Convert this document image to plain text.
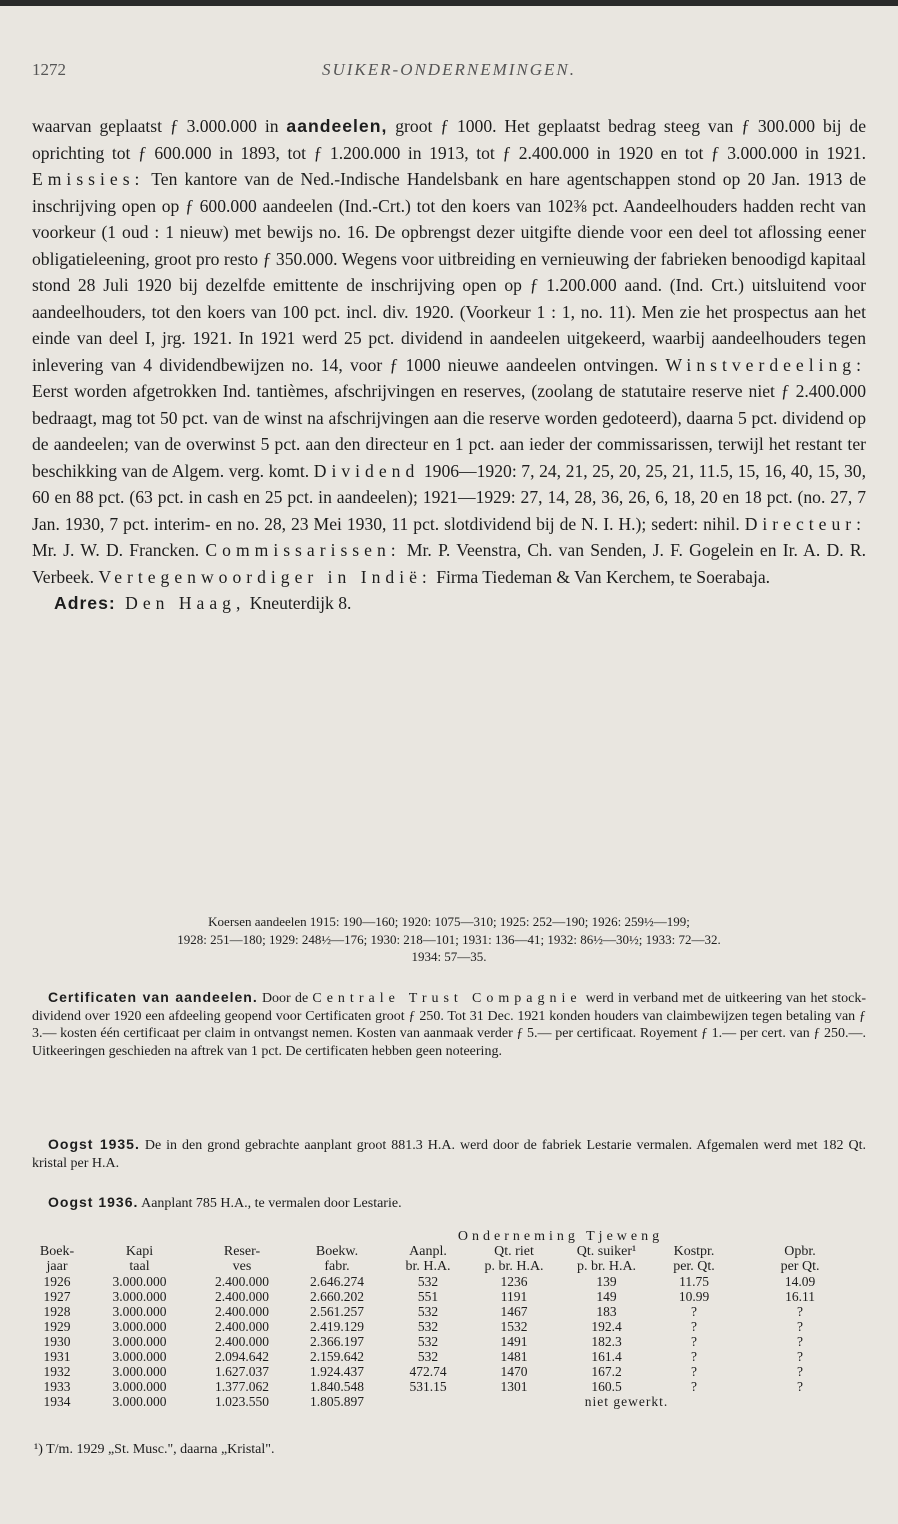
1272	SUIKER-ONDERNEMINGEN.

waarvan geplaatst ƒ 3.000.000 in aandeelen, groot ƒ 1000. Het geplaatst bedrag steeg van ƒ 300.000 bij de oprichting tot ƒ 600.000 in 1893, tot ƒ 1.200.000 in 1913, tot ƒ 2.400.000 in 1920 en tot ƒ 3.000.000 in 1921. Emissies: Ten kantore van de Ned.-Indische Handelsbank en hare agentschappen stond op 20 Jan. 1913 de inschrijving open op ƒ 600.000 aandeelen (Ind.-Crt.) tot den koers van 102⅜ pct. Aandeelhouders hadden recht van voorkeur (1 oud : 1 nieuw) met bewijs no. 16. De opbrengst dezer uitgifte diende voor een deel tot aflossing eener obligatieleening, groot pro resto ƒ 350.000. Wegens voor uitbreiding en vernieuwing der fabrieken benoodigd kapitaal stond 28 Juli 1920 bij dezelfde emittente de inschrijving open op ƒ 1.200.000 aand. (Ind. Crt.) uitsluitend voor aandeelhouders, tot den koers van 100 pct. incl. div. 1920. (Voorkeur 1 : 1, no. 11). Men zie het prospectus aan het einde van deel I, jrg. 1921. In 1921 werd 25 pct. dividend in aandeelen uitgekeerd, waarbij aandeelhouders tegen inlevering van 4 dividendbewijzen no. 14, voor ƒ 1000 nieuwe aandeelen ontvingen. Winstverdeeling: Eerst worden afgetrokken Ind. tantièmes, afschrijvingen en reserves, (zoolang de statutaire reserve niet ƒ 2.400.000 bedraagt, mag tot 50 pct. van de winst na afschrijvingen aan die reserve worden gedoteerd), daarna 5 pct. dividend op de aandeelen; van de overwinst 5 pct. aan den directeur en 1 pct. aan ieder der commissarissen, terwijl het restant ter beschikking van de Algem. verg. komt. Dividend 1906—1920: 7, 24, 21, 25, 20, 25, 21, 11.5, 15, 16, 40, 15, 30, 60 en 88 pct. (63 pct. in cash en 25 pct. in aandeelen); 1921—1929: 27, 14, 28, 36, 26, 6, 18, 20 en 18 pct. (no. 27, 7 Jan. 1930, 7 pct. interim- en no. 28, 23 Mei 1930, 11 pct. slotdividend bij de N. I. H.); sedert: nihil. Directeur: Mr. J. W. D. Francken. Commissarissen: Mr. P. Veenstra, Ch. van Senden, J. F. Gogelein en Ir. A. D. R. Verbeek. Vertegenwoordiger in Indië: Firma Tiedeman & Van Kerchem, te Soerabaja.

Adres: Den Haag, Kneuterdijk 8.

Koersen aandeelen 1915: 190—160; 1920: 1075—310; 1925: 252—190; 1926: 259½—199;
1928: 251—180; 1929: 248½—176; 1930: 218—101; 1931: 136—41; 1932: 86½—30½; 1933: 72—32.
1934: 57—35.

Certificaten van aandeelen. Door de Centrale Trust Compagnie werd in verband met de uitkeering van het stock-dividend over 1920 een afdeeling geopend voor Certificaten groot ƒ 250. Tot 31 Dec. 1921 konden houders van claimbewijzen tegen betaling van ƒ 3.— kosten één certificaat per claim in ontvangst nemen. Kosten van aanmaak verder ƒ 5.— per certificaat. Royement ƒ 1.— per cert. van ƒ 250.—. Uitkeeringen geschieden na aftrek van 1 pct. De certificaten hebben geen noteering.

Oogst 1935. De in den grond gebrachte aanplant groot 881.3 H.A. werd door de fabriek Lestarie vermalen. Afgemalen werd met 182 Qt. kristal per H.A.

Oogst 1936. Aanplant 785 H.A., te vermalen door Lestarie.

				Onderneming Tjeweng				
Boek-	Kapi	Reser-	Boekw.	Aanpl.	Qt. riet	Qt. suiker¹	Kostpr.	Opbr.
jaar	taal	ves	fabr.	br. H.A.	p. br. H.A.	p. br. H.A.	per. Qt.	per Qt.
1926	3.000.000	2.400.000	2.646.274	532	1236	139	11.75	14.09
1927	3.000.000	2.400.000	2.660.202	551	1191	149	10.99	16.11
1928	3.000.000	2.400.000	2.561.257	532	1467	183	?	?
1929	3.000.000	2.400.000	2.419.129	532	1532	192.4	?	?
1930	3.000.000	2.400.000	2.366.197	532	1491	182.3	?	?
1931	3.000.000	2.094.642	2.159.642	532	1481	161.4	?	?
1932	3.000.000	1.627.037	1.924.437	472.74	1470	167.2	?	?
1933	3.000.000	1.377.062	1.840.548	531.15	1301	160.5	?	?
1934	3.000.000	1.023.550	1.805.897	niet gewerkt.				
¹) T/m. 1929 „St. Musc.", daarna „Kristal".
